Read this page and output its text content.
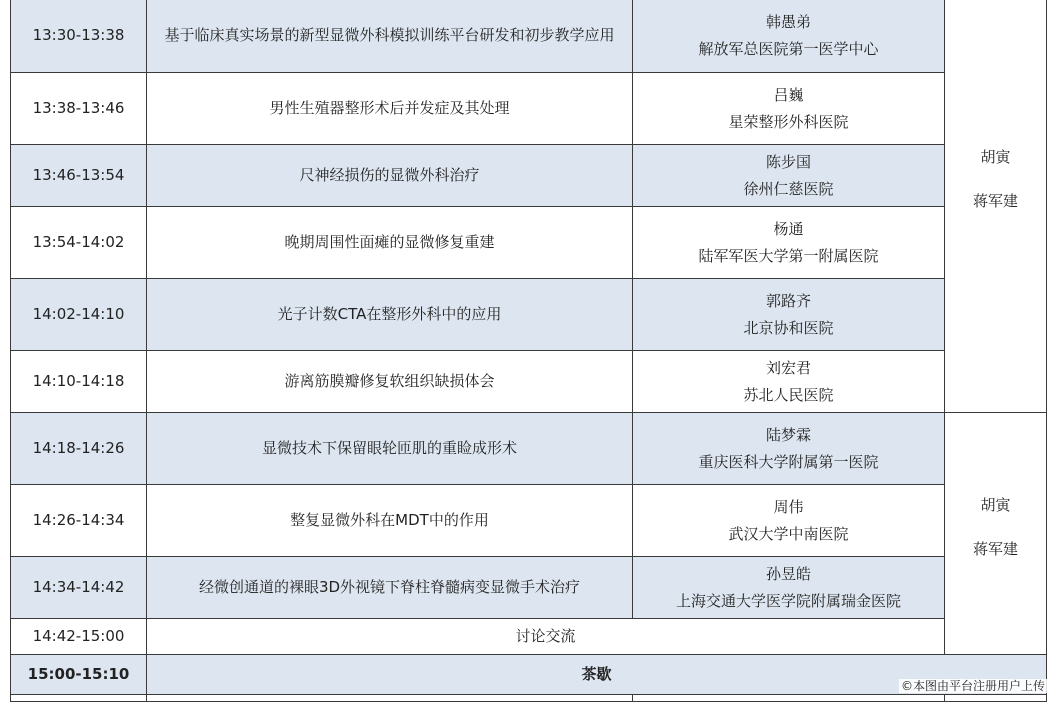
13:30-13:38	基于临床真实场景的新型显微外科模拟训练平台研发和初步教学应用	韩愚弟
解放军总医院第一医学中心	胡寅
蒋军建

13:38-13:46	男性生殖器整形术后并发症及其处理	吕巍
星荣整形外科医院	

13:46-13:54	尺神经损伤的显微外科治疗	陈步国
徐州仁慈医院	

13:54-14:02	晚期周围性面瘫的显微修复重建	杨通
陆军军医大学第一附属医院	

14:02-14:10	光子计数CTA在整形外科中的应用	郭路齐
北京协和医院	

14:10-14:18	游离筋膜瓣修复软组织缺损体会	刘宏君
苏北人民医院	

14:18-14:26	显微技术下保留眼轮匝肌的重睑成形术	陆梦霖
重庆医科大学附属第一医院	胡寅
蒋军建

14:26-14:34	整复显微外科在MDT中的作用	周伟
武汉大学中南医院	

14:34-14:42	经微创通道的裸眼3D外视镜下脊柱脊髓病变显微手术治疗	孙昱皓
上海交通大学医学院附属瑞金医院	

14:42-15:00	讨论交流		
15:00-15:10	茶歇		

©本图由平台注册用户上传
